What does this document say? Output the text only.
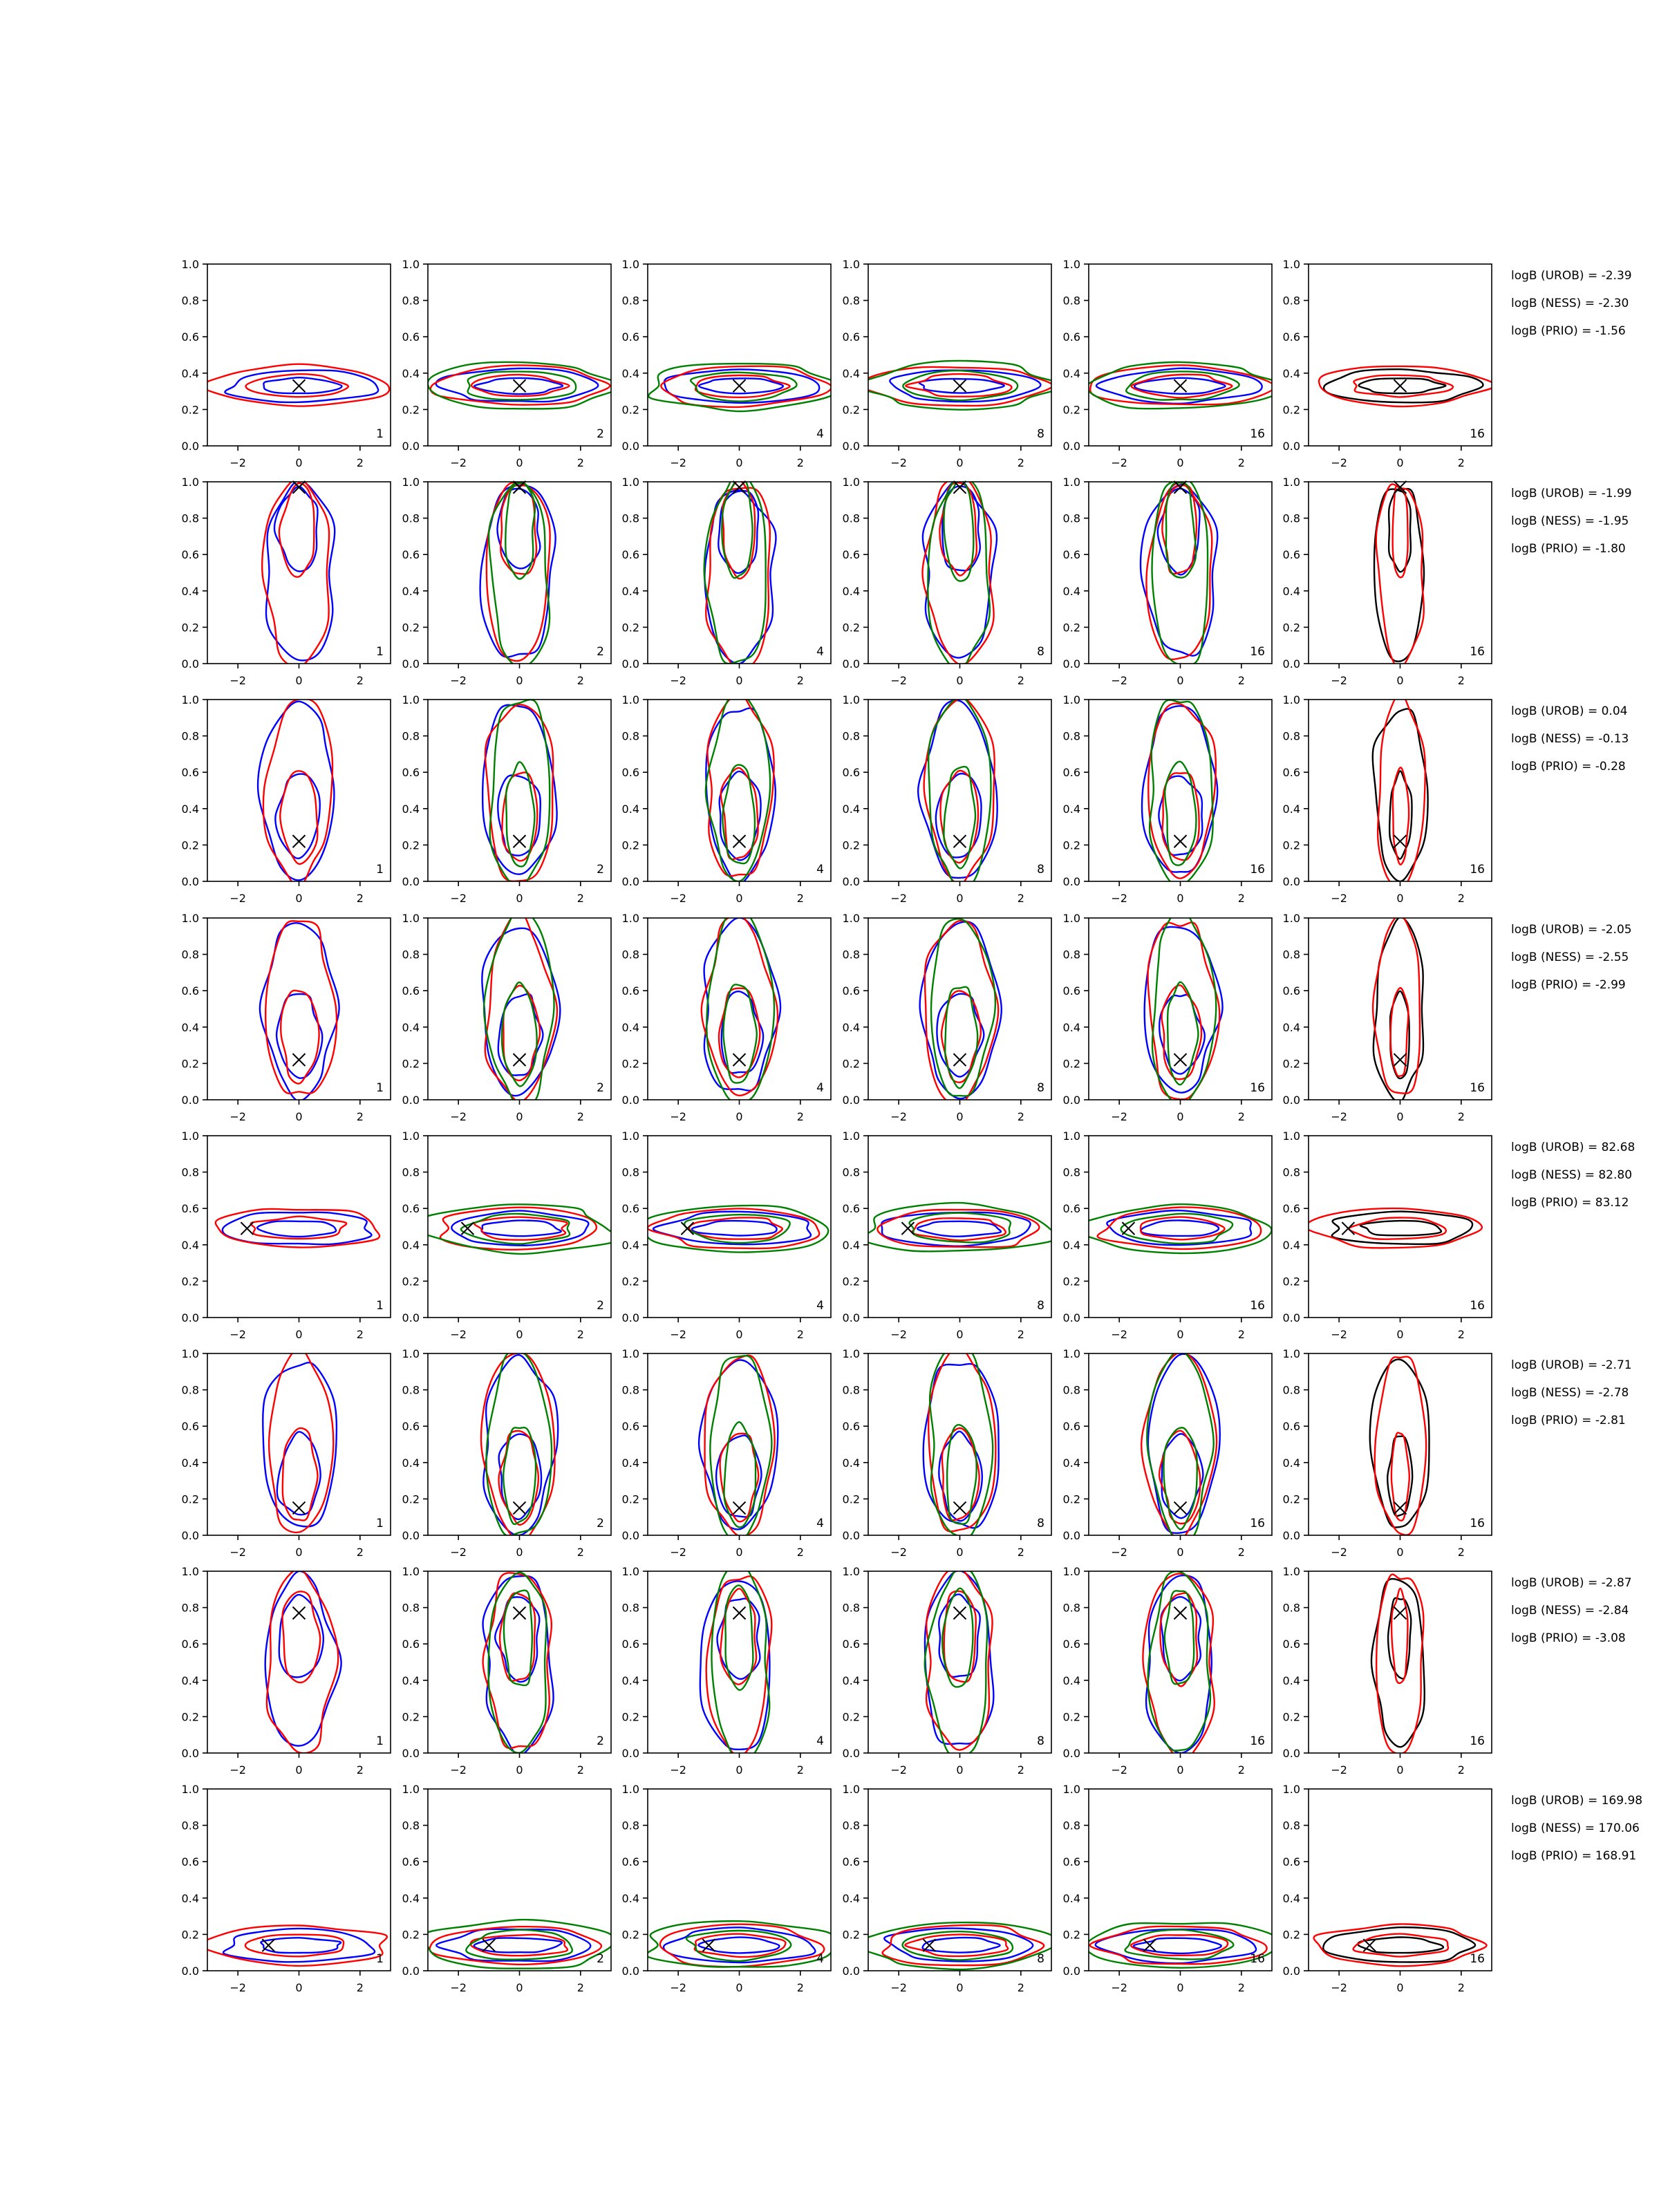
−2	0	2
0.0
0.2
0.4
0.6
0.8
1.0
1
−2	0	2
0.0
0.2
0.4
0.6
0.8
1.0
2
−2	0	2
0.0
0.2
0.4
0.6
0.8
1.0
4
−2	0	2
0.0
0.2
0.4
0.6
0.8
1.0
8
−2	0	2
0.0
0.2
0.4
0.6
0.8
1.0
16
−2	0	2
0.0
0.2
0.4
0.6
0.8
1.0
16
logB (UROB) = -2.39
logB (NESS) = -2.30
logB (PRIO) = -1.56
−2	0	2
0.0
0.2
0.4
0.6
0.8
1.0
1
−2	0	2
0.0
0.2
0.4
0.6
0.8
1.0
2
−2	0	2
0.0
0.2
0.4
0.6
0.8
1.0
4
−2	0	2
0.0
0.2
0.4
0.6
0.8
1.0
8
−2	0	2
0.0
0.2
0.4
0.6
0.8
1.0
16
−2	0	2
0.0
0.2
0.4
0.6
0.8
1.0
16
logB (UROB) = -1.99
logB (NESS) = -1.95
logB (PRIO) = -1.80
−2	0	2
0.0
0.2
0.4
0.6
0.8
1.0
1
−2	0	2
0.0
0.2
0.4
0.6
0.8
1.0
2
−2	0	2
0.0
0.2
0.4
0.6
0.8
1.0
4
−2	0	2
0.0
0.2
0.4
0.6
0.8
1.0
8
−2	0	2
0.0
0.2
0.4
0.6
0.8
1.0
16
−2	0	2
0.0
0.2
0.4
0.6
0.8
1.0
16
logB (UROB) = 0.04
logB (NESS) = -0.13
logB (PRIO) = -0.28
−2	0	2
0.0
0.2
0.4
0.6
0.8
1.0
1
−2	0	2
0.0
0.2
0.4
0.6
0.8
1.0
2
−2	0	2
0.0
0.2
0.4
0.6
0.8
1.0
4
−2	0	2
0.0
0.2
0.4
0.6
0.8
1.0
8
−2	0	2
0.0
0.2
0.4
0.6
0.8
1.0
16
−2	0	2
0.0
0.2
0.4
0.6
0.8
1.0
16
logB (UROB) = -2.05
logB (NESS) = -2.55
logB (PRIO) = -2.99
−2	0	2
0.0
0.2
0.4
0.6
0.8
1.0
1
−2	0	2
0.0
0.2
0.4
0.6
0.8
1.0
2
−2	0	2
0.0
0.2
0.4
0.6
0.8
1.0
4
−2	0	2
0.0
0.2
0.4
0.6
0.8
1.0
8
−2	0	2
0.0
0.2
0.4
0.6
0.8
1.0
16
−2	0	2
0.0
0.2
0.4
0.6
0.8
1.0
16
logB (UROB) = 82.68
logB (NESS) = 82.80
logB (PRIO) = 83.12
−2	0	2
0.0
0.2
0.4
0.6
0.8
1.0
1
−2	0	2
0.0
0.2
0.4
0.6
0.8
1.0
2
−2	0	2
0.0
0.2
0.4
0.6
0.8
1.0
4
−2	0	2
0.0
0.2
0.4
0.6
0.8
1.0
8
−2	0	2
0.0
0.2
0.4
0.6
0.8
1.0
16
−2	0	2
0.0
0.2
0.4
0.6
0.8
1.0
16
logB (UROB) = -2.71
logB (NESS) = -2.78
logB (PRIO) = -2.81
−2	0	2
0.0
0.2
0.4
0.6
0.8
1.0
1
−2	0	2
0.0
0.2
0.4
0.6
0.8
1.0
2
−2	0	2
0.0
0.2
0.4
0.6
0.8
1.0
4
−2	0	2
0.0
0.2
0.4
0.6
0.8
1.0
8
−2	0	2
0.0
0.2
0.4
0.6
0.8
1.0
16
−2	0	2
0.0
0.2
0.4
0.6
0.8
1.0
16
logB (UROB) = -2.87
logB (NESS) = -2.84
logB (PRIO) = -3.08
−2	0	2
0.0
0.2
0.4
0.6
0.8
1.0
1
−2	0	2
0.0
0.2
0.4
0.6
0.8
1.0
2
−2	0	2
0.0
0.2
0.4
0.6
0.8
1.0
4
−2	0	2
0.0
0.2
0.4
0.6
0.8
1.0
8
−2	0	2
0.0
0.2
0.4
0.6
0.8
1.0
16
−2	0	2
0.0
0.2
0.4
0.6
0.8
1.0
16
logB (UROB) = 169.98
logB (NESS) = 170.06
logB (PRIO) = 168.91
